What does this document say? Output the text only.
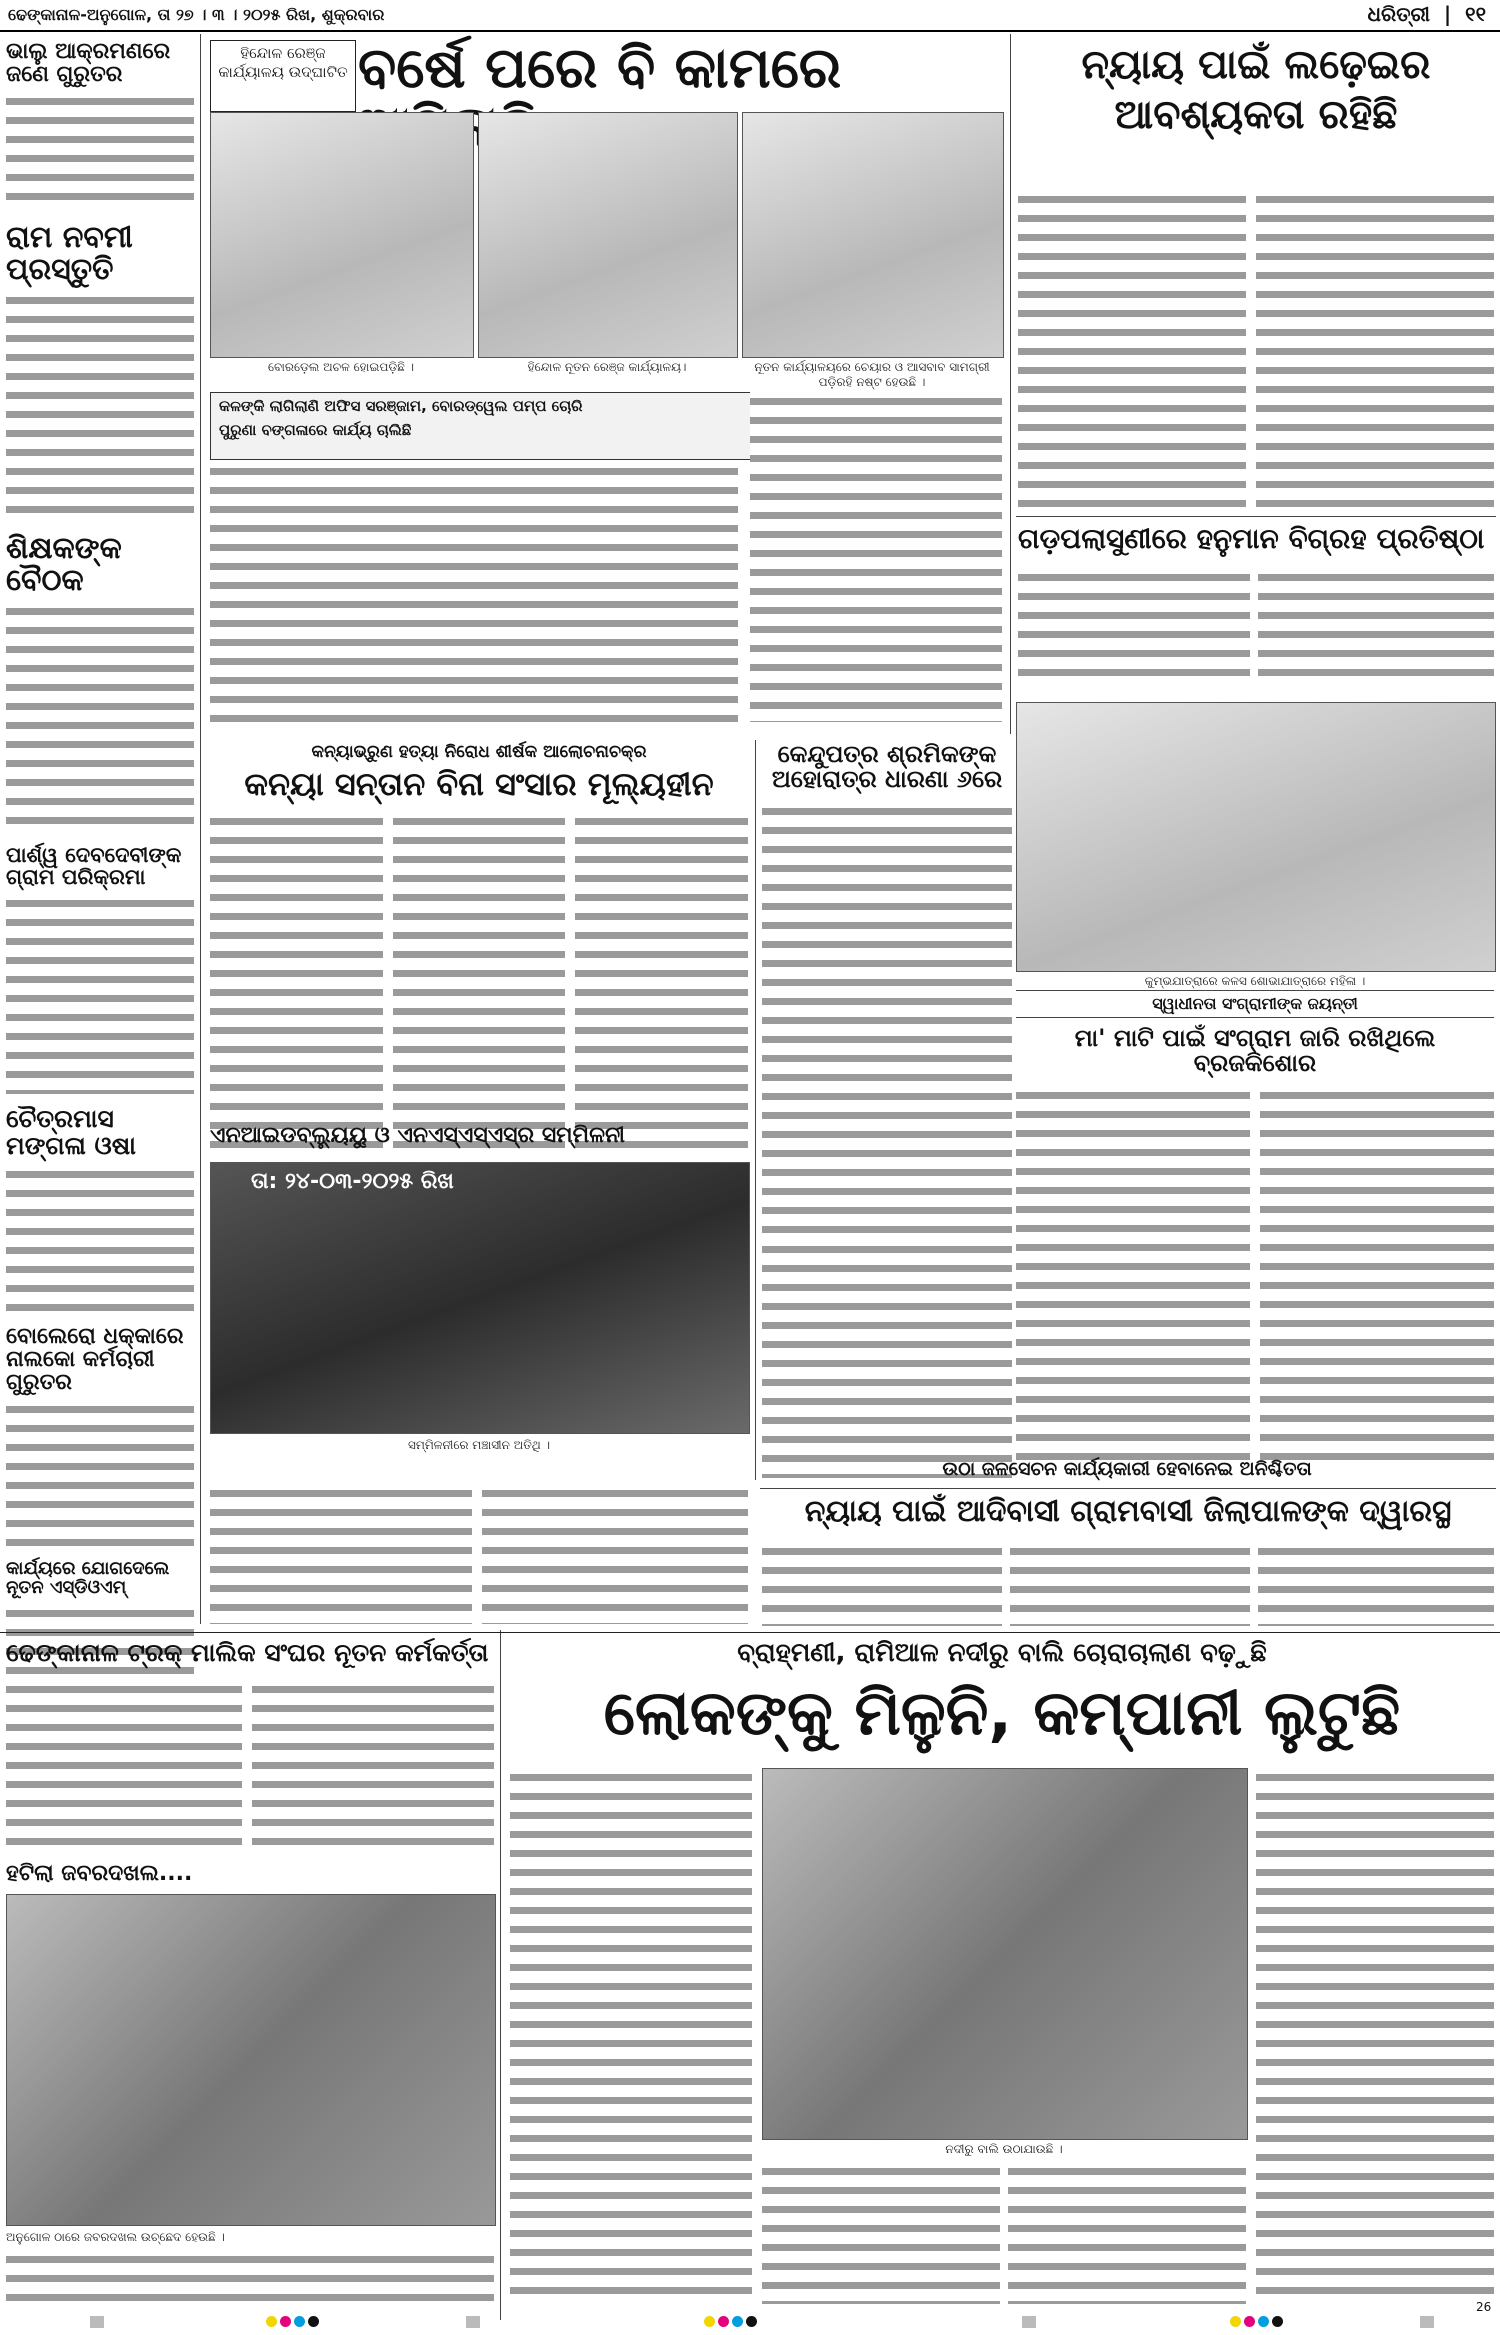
ଢେଙ୍କାନାଳ-ଅନୁଗୋଳ, ତା ୨୭ । ୩ । ୨୦୨୫ ରିଖ, ଶୁକ୍ରବାର	ଧରିତ୍ରୀ  |  ୧୧
ଭାଲୁ ଆକ୍ରମଣରେ ଜଣେ ଗୁରୁତର
ରାମ ନବମୀ ପ୍ରସ୍ତୁତି
ଶିକ୍ଷକଙ୍କ ବୈଠକ
ପାର୍ଶ୍ୱ ଦେବଦେବୀଙ୍କ ଗ୍ରାମ ପରିକ୍ରମା
ଚୈତ୍ରମାସ ମଙ୍ଗଳା ଓଷା
ବୋଲେରୋ ଧକ୍କାରେ ନାଲକୋ କର୍ମଚାରୀ ଗୁରୁତର
କାର୍ଯ୍ୟରେ ଯୋଗଦେଲେ ନୂତନ ଏସ୍‌ଡିଓଏମ୍
ହିନ୍ଦୋଳ ରେଞ୍ଜ କାର୍ଯ୍ୟାଳୟ ଉଦ୍‌ଘାଟିତ ବର୍ଷେ ପରେ ବି କାମରେ
ବୋରଡ଼େଲ ଅଚଳ ହୋଇପଡ଼ିଛି ।	ହିନ୍ଦୋଳ ନୂତନ ରେଞ୍ଜ କାର୍ଯ୍ୟାଳୟ।	ନୂତନ କାର୍ଯ୍ୟାଳୟରେ ଚେୟାର ଓ ଆସବାବ ସାମଗ୍ରୀ ପଡ଼ିରହି ନଷ୍ଟ ହେଉଛି ।
କଳଙ୍କି ଲାଗିଲାଣି ଅଫିସ ସରଞ୍ଜାମ, ବୋରଡ୍ୱେଲ ପମ୍ପ ଚୋରି
ପୁରୁଣା ବଙ୍ଗଳାରେ କାର୍ଯ୍ୟ ଚାଲିଛି
ନ୍ୟାୟ ପାଇଁ ଲଢ଼େଇର
ଆବଶ୍ୟକତା ରହିଛି
ଗଡ଼ପଲାସୁଣୀରେ ହନୁମାନ ବିଗ୍ରହ ପ୍ରତିଷ୍ଠା
କନ୍ୟାଭ୍ରୁଣ ହତ୍ୟା ନିରୋଧ ଶୀର୍ଷକ ଆଲୋଚନାଚକ୍ର
କନ୍ୟା ସନ୍ତାନ ବିନା ସଂସାର ମୂଲ୍ୟହୀନ
କେନ୍ଦୁପତ୍ର ଶ୍ରମିକଙ୍କ
ଅହୋରାତ୍ର ଧାରଣା ୬ରେ
କୁମ୍ଭଯାତ୍ରାରେ କଳସ ଶୋଭାଯାତ୍ରାରେ ମହିଳା ।
ସ୍ୱାଧୀନତା ସଂଗ୍ରାମୀଙ୍କ ଜୟନ୍ତୀ
ମା' ମାଟି ପାଇଁ ସଂଗ୍ରାମ ଜାରି ରଖିଥିଲେ ବ୍ରଜକିଶୋର
ଏନଆଇଡବ୍ଲ୍ୟୁୟୁ ଓ ଏନଏସ୍‌ଏସ୍‌ଏସ୍‌ର ସମ୍ମିଳନୀ
ତା: ୨୪-୦୩-୨୦୨୫ ରିଖ
ସମ୍ମିଳନୀରେ ମଞ୍ଚାସୀନ ଅତିଥି ।
ଉଠା ଜଳସେଚନ କାର୍ଯ୍ୟକାରୀ ହେବାନେଇ ଅନିଶ୍ଚିତତା
ନ୍ୟାୟ ପାଇଁ ଆଦିବାସୀ ଗ୍ରାମବାସୀ ଜିଲାପାଳଙ୍କ ଦ୍ୱାରସ୍ଥ
ଢେଙ୍କାନାଳ ଟ୍ରକ୍ ମାଲିକ ସଂଘର ନୂତନ କର୍ମକର୍ତ୍ତା
ହଟିଲା ଜବରଦଖଲ....
ଅନୁଗୋଳ ଠାରେ ଜବରଦଖଲ ଉଚ୍ଛେଦ ହେଉଛି ।
ବ୍ରାହ୍ମଣୀ, ରାମିଆଳ ନଦୀରୁ ବାଲି ଚୋରାଚାଲାଣ ବଢ଼ୁଛି
ଲୋକଙ୍କୁ ମିଳୁନି, କମ୍ପାନୀ ଲୁଟୁଛି
ନଦୀରୁ ବାଲି ଉଠାଯାଉଛି ।
26
